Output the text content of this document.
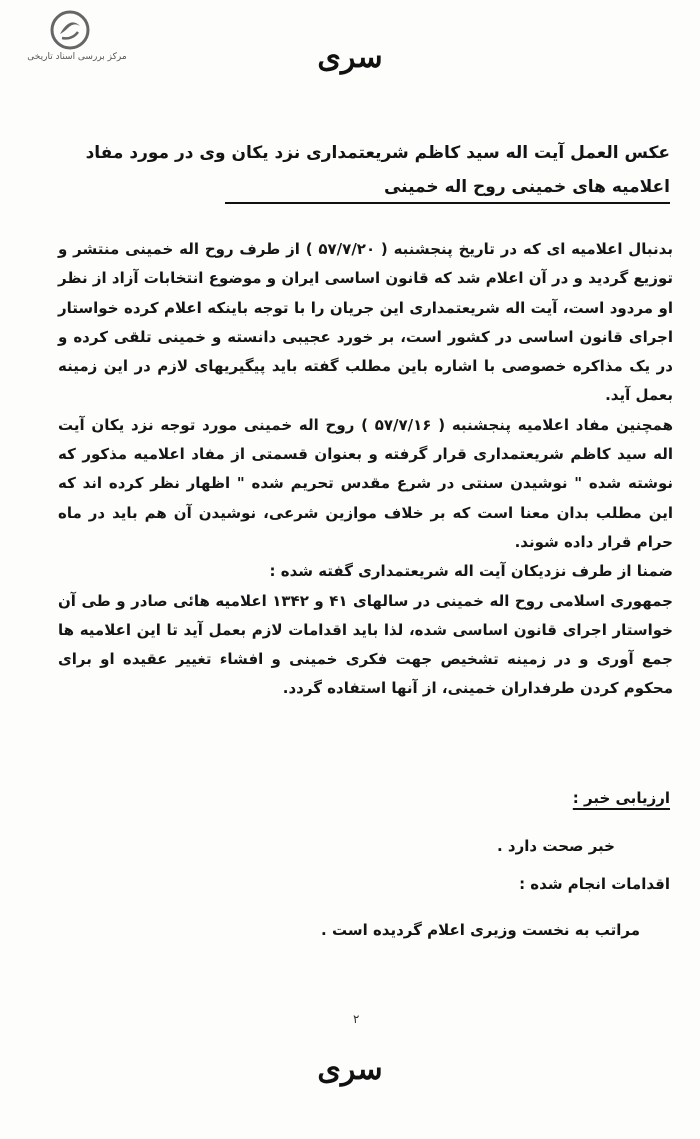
مرکز بررسی اسناد تاریخی	سری
عکس العمل آیت اله سید کاظم شریعتمداری نزد یکان وی در مورد مفاد
اعلامیه های خمینی روح اله خمینی

بدنبال اعلامیه ای که در تاریخ پنجشنبه ( ۵۷/۷/۲۰ ) از طرف روح اله خمینی منتشر و توزیع گردید و در آن اعلام شد که قانون اساسی ایران و موضوع انتخابات آزاد از نظر او مردود است، آیت اله شریعتمداری این جریان را با توجه باینکه اعلام کرده خواستار اجرای قانون اساسی در کشور است، بر خورد عجیبی دانسته و خمینی تلقی کرده و در یک مذاکره خصوصی با اشاره باین مطلب گفته باید پیگیریهای لازم در این زمینه بعمل آید.

همچنین مفاد اعلامیه پنجشنبه ( ۵۷/۷/۱۶ ) روح اله خمینی مورد توجه نزد یکان آیت اله سید کاظم شریعتمداری قرار گرفته و بعنوان قسمتی از مفاد اعلامیه مذکور که نوشته شده " نوشیدن سنتی در شرع مقدس تحریم شده " اظهار نظر کرده اند که این مطلب بدان معنا است که بر خلاف موازین شرعی، نوشیدن آن هم باید در ماه حرام قرار داده شوند.

ضمنا از طرف نزدیکان آیت اله شریعتمداری گفته شده :

جمهوری اسلامی روح اله خمینی در سالهای ۴۱ و ۱۳۴۲ اعلامیه هائی صادر و طی آن خواستار اجرای قانون اساسی شده، لذا باید اقدامات لازم بعمل آید تا این اعلامیه ها جمع آوری و در زمینه تشخیص جهت فکری خمینی و افشاء تغییر عقیده او برای محکوم کردن طرفداران خمینی، از آنها استفاده گردد.

ارزیابی خبر :
خبر صحت دارد .
اقدامات انجام شده :
مراتب به نخست وزیری اعلام گردیده است .
۲
سری
